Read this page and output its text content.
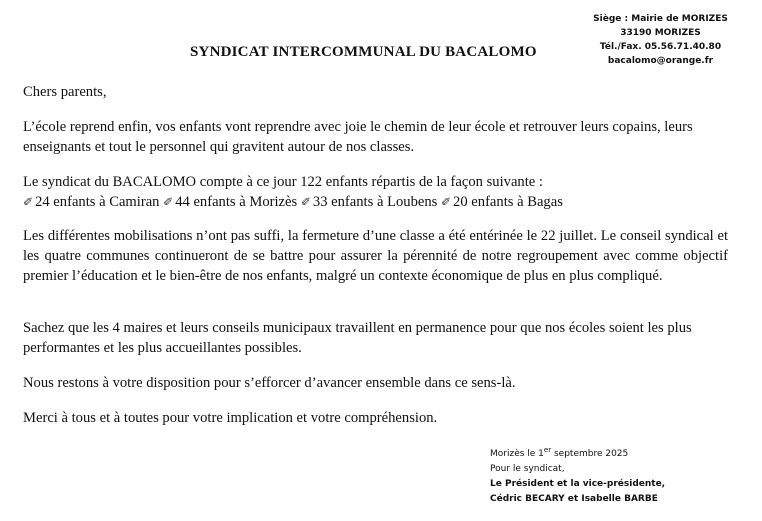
Siège : Mairie de MORIZES
33190 MORIZES
Tél./Fax. 05.56.71.40.80
bacalomo@orange.fr
SYNDICAT INTERCOMMUNAL DU BACALOMO
Chers parents,
L’école reprend enfin, vos enfants vont reprendre avec joie le chemin de leur école et retrouver leurs copains, leurs enseignants et tout le personnel qui gravitent autour de nos classes.
Le syndicat du BACALOMO compte à ce jour 122 enfants répartis de la façon suivante :
✐ 24 enfants à Camiran ✐ 44 enfants à Morizès ✐ 33 enfants à Loubens ✐ 20 enfants à Bagas
Les différentes mobilisations n’ont pas suffi, la fermeture d’une classe a été entérinée le 22 juillet. Le conseil syndical et les quatre communes continueront de se battre pour assurer la pérennité de notre regroupement avec comme objectif premier l’éducation et le bien-être de nos enfants, malgré un contexte économique de plus en plus compliqué.
Sachez que les 4 maires et leurs conseils municipaux travaillent en permanence pour que nos écoles soient les plus performantes et les plus accueillantes possibles.
Nous restons à votre disposition pour s’efforcer d’avancer ensemble dans ce sens-là.
Merci à tous et à toutes pour votre implication et votre compréhension.
Morizès le 1er septembre 2025
Pour le syndicat,
Le Président et la vice-présidente,
Cédric BECARY et Isabelle BARBE
